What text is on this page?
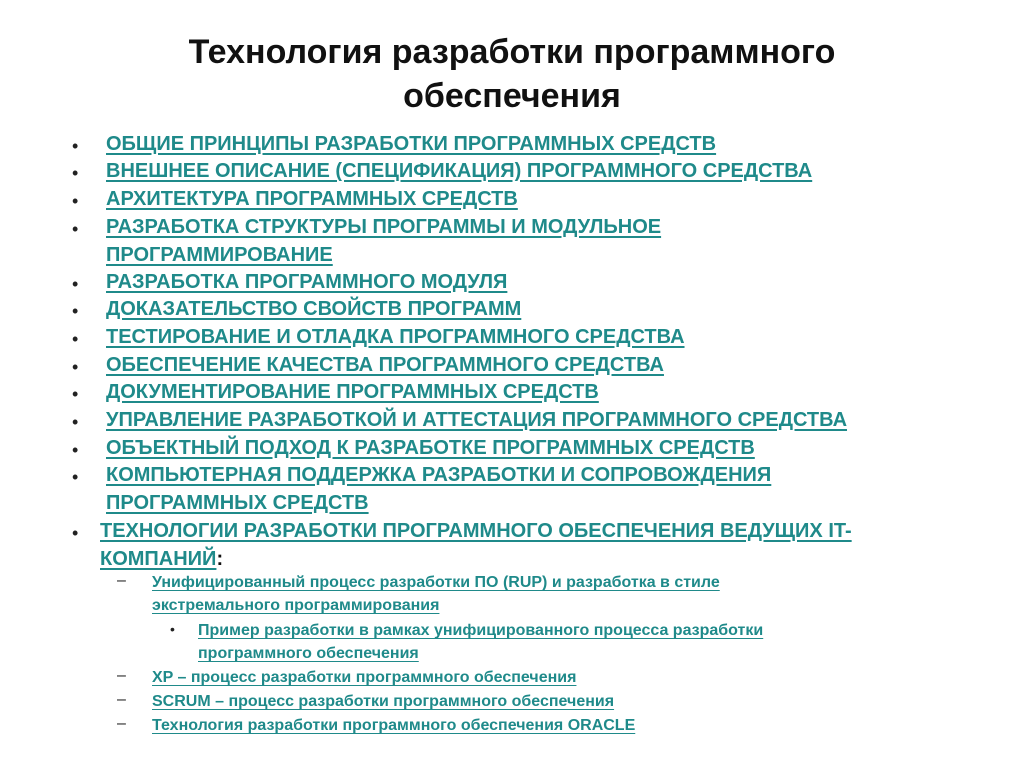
Технология разработки программного
обеспечения
• ОБЩИЕ ПРИНЦИПЫ РАЗРАБОТКИ ПРОГРАММНЫХ СРЕДСТВ
• ВНЕШНЕЕ ОПИСАНИЕ (СПЕЦИФИКАЦИЯ) ПРОГРАММНОГО СРЕДСТВА
• АРХИТЕКТУРА ПРОГРАММНЫХ СРЕДСТВ
• РАЗРАБОТКА СТРУКТУРЫ ПРОГРАММЫ И МОДУЛЬНОЕ
ПРОГРАММИРОВАНИЕ
• РАЗРАБОТКА ПРОГРАММНОГО МОДУЛЯ
• ДОКАЗАТЕЛЬСТВО СВОЙСТВ ПРОГРАММ
• ТЕСТИРОВАНИЕ И ОТЛАДКА ПРОГРАММНОГО СРЕДСТВА
• ОБЕСПЕЧЕНИЕ КАЧЕСТВА ПРОГРАММНОГО СРЕДСТВА
• ДОКУМЕНТИРОВАНИЕ ПРОГРАММНЫХ СРЕДСТВ
• УПРАВЛЕНИЕ РАЗРАБОТКОЙ И АТТЕСТАЦИЯ ПРОГРАММНОГО СРЕДСТВА
• ОБЪЕКТНЫЙ ПОДХОД К РАЗРАБОТКЕ ПРОГРАММНЫХ СРЕДСТВ
• КОМПЬЮТЕРНАЯ ПОДДЕРЖКА РАЗРАБОТКИ И СОПРОВОЖДЕНИЯ
ПРОГРАММНЫХ СРЕДСТВ
• ТЕХНОЛОГИИ РАЗРАБОТКИ ПРОГРАММНОГО ОБЕСПЕЧЕНИЯ ВЕДУЩИХ IT-
КОМПАНИЙ:
– Унифицированный процесс разработки ПО (RUP) и разработка в стиле
экстремального программирования
• Пример разработки в рамках унифицированного процесса разработки
программного обеспечения
– XP – процесс разработки программного обеспечения
– SCRUM – процесс разработки программного обеспечения
– Технология разработки программного обеспечения ORACLE
